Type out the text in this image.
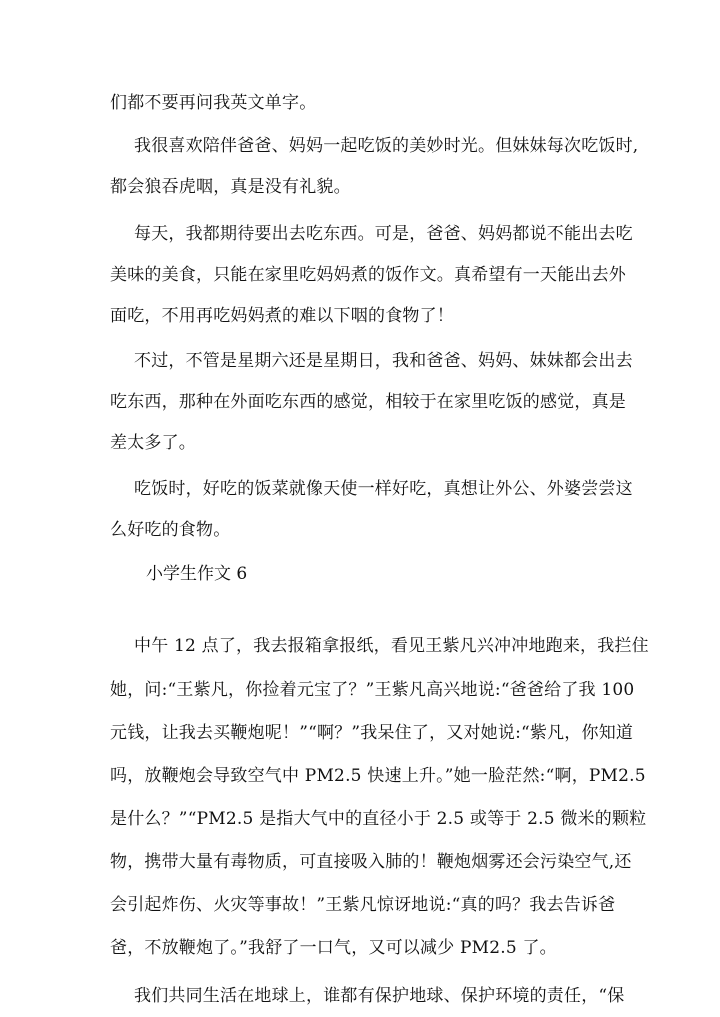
们都不要再问我英文单字。
我很喜欢陪伴爸爸、妈妈一起吃饭的美妙时光。但妹妹每次吃饭时,
都会狼吞虎咽，真是没有礼貌。
每天，我都期待要出去吃东西。可是，爸爸、妈妈都说不能出去吃
美味的美食，只能在家里吃妈妈煮的饭作文。真希望有一天能出去外
面吃，不用再吃妈妈煮的难以下咽的食物了！
不过，不管是星期六还是星期日，我和爸爸、妈妈、妹妹都会出去
吃东西，那种在外面吃东西的感觉，相较于在家里吃饭的感觉，真是
差太多了。
吃饭时，好吃的饭菜就像天使一样好吃，真想让外公、外婆尝尝这
么好吃的食物。
小学生作文 6
中午 12 点了，我去报箱拿报纸，看见王紫凡兴冲冲地跑来，我拦住
她，问:“王紫凡，你捡着元宝了？”王紫凡高兴地说:“爸爸给了我 100
元钱，让我去买鞭炮呢！”“啊？”我呆住了，又对她说:“紫凡，你知道
吗，放鞭炮会导致空气中 PM2.5 快速上升。”她一脸茫然:“啊，PM2.5
是什么？”“PM2.5 是指大气中的直径小于 2.5 或等于 2.5 微米的颗粒
物，携带大量有毒物质，可直接吸入肺的！鞭炮烟雾还会污染空气,还
会引起炸伤、火灾等事故！”王紫凡惊讶地说:“真的吗？我去告诉爸
爸，不放鞭炮了。”我舒了一口气，又可以减少 PM2.5 了。
我们共同生活在地球上，谁都有保护地球、保护环境的责任，“保
